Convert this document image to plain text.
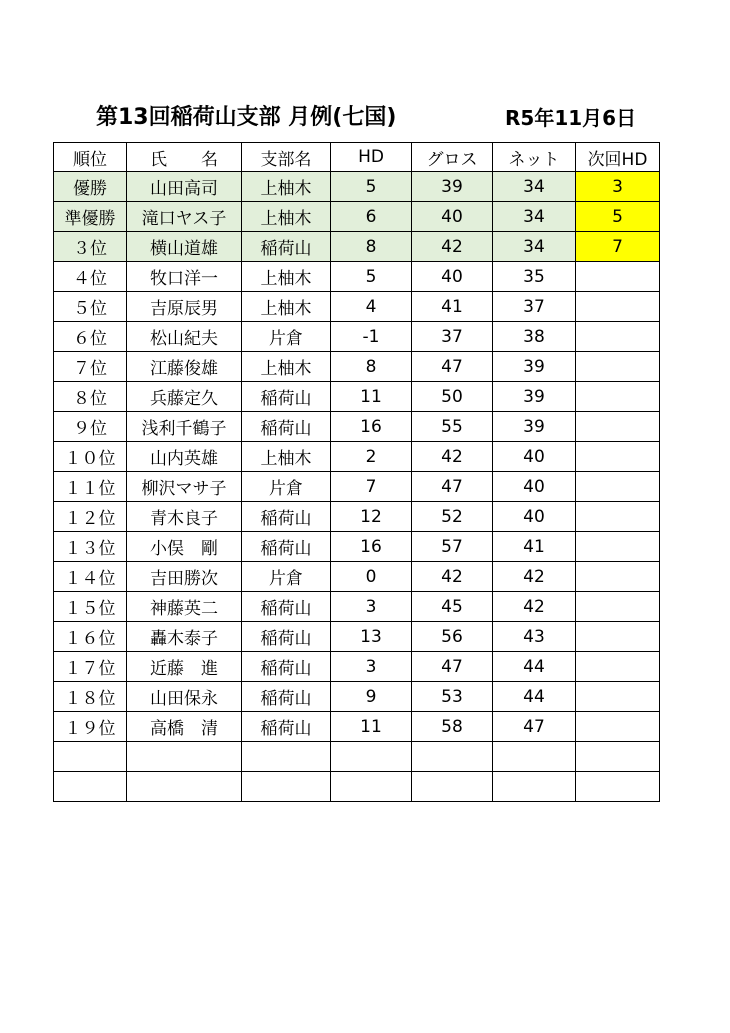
第13回稲荷山支部 月例(七国)	R5年11月6日
順位	氏　　名	支部名	HD	グロス	ネット	次回HD
優勝	山田高司	上柚木	5	39	34	3
準優勝	滝口ヤス子	上柚木	6	40	34	5
３位	横山道雄	稲荷山	8	42	34	7
４位	牧口洋一	上柚木	5	40	35	
５位	吉原辰男	上柚木	4	41	37	
６位	松山紀夫	片倉	-1	37	38	
７位	江藤俊雄	上柚木	8	47	39	
８位	兵藤定久	稲荷山	11	50	39	
９位	浅利千鶴子	稲荷山	16	55	39	
１０位	山内英雄	上柚木	2	42	40	
１１位	柳沢マサ子	片倉	7	47	40	
１２位	青木良子	稲荷山	12	52	40	
１３位	小俣　剛	稲荷山	16	57	41	
１４位	吉田勝次	片倉	0	42	42	
１５位	神藤英二	稲荷山	3	45	42	
１６位	轟木泰子	稲荷山	13	56	43	
１７位	近藤　進	稲荷山	3	47	44	
１８位	山田保永	稲荷山	9	53	44	
１９位	高橋　清	稲荷山	11	58	47	
